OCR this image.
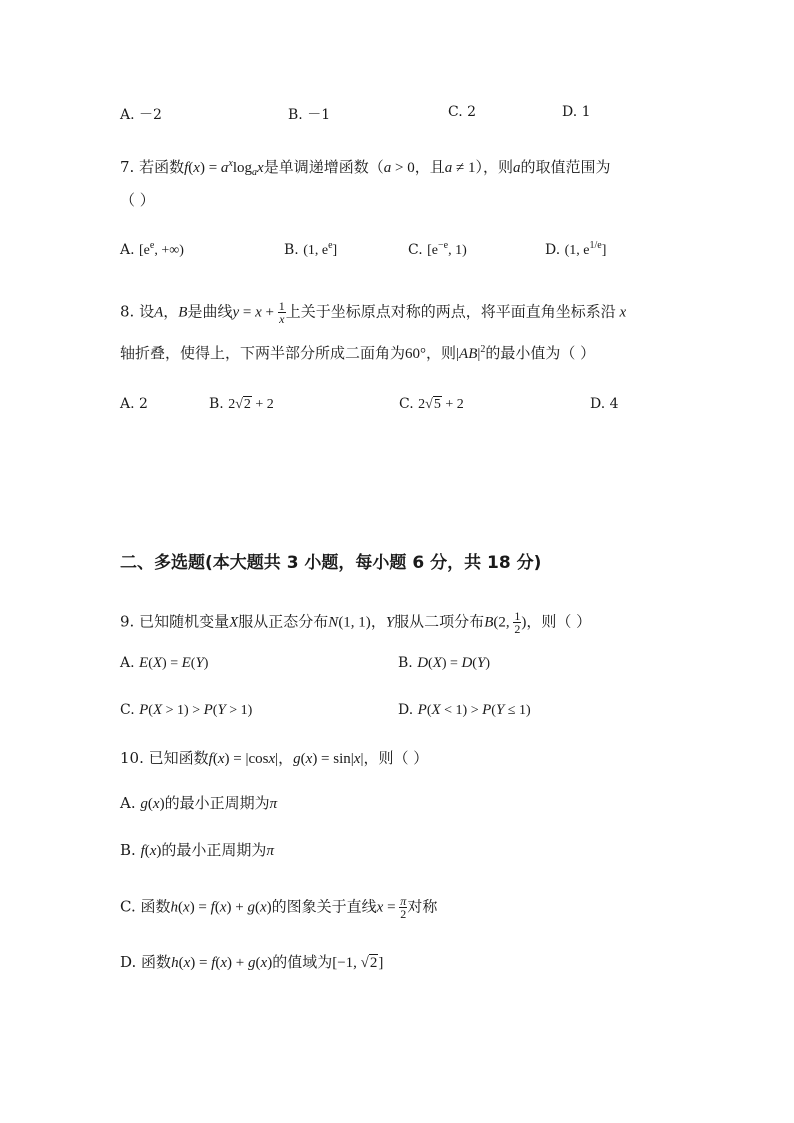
A. －2	B. －1	C. 2	D. 1
7. 若函数$f(x) = a^x\log_ax$是单调递增函数（a > 0，且a ≠ 1），则a的取值范围为
（ ）
A. [$e^e$, +∞)	B. (1, $e^e$]	C. [$e^{-e}$, 1)	D. (1, $e^{1/e}$]
8. 设A，B是曲线$y = x + \frac{1}{x}$ 上关于坐标原点对称的两点，将平面直角坐标系沿 x
轴折叠，使得上，下两半部分所成二面角为60°，则$|AB|^2$的最小值为（ ）
A. 2	B. 2√2 + 2	C. 2√5 + 2	D. 4
二、多选题(本大题共 3 小题，每小题 6 分，共 18 分)
9. 已知随机变量X服从正态分布N(1, 1)，Y服从二项分布B(2, $\frac{1}{2}$ )，则（ ）
A. E(X) = E(Y)	B. D(X) = D(Y)
C. P(X > 1) > P(Y > 1)	D. P(X < 1) > P(Y ≤ 1)
10. 已知函数f(x) = |cosx|，g(x) = sin|x|，则（ ）
A. g(x)的最小正周期为π
B. f(x)的最小正周期为π
C. 函数h(x) = f(x) + g(x)的图象关于直线$x = \frac{\pi}{2}$ 对称
D. 函数h(x) = f(x) + g(x)的值域为[−1, √2]
